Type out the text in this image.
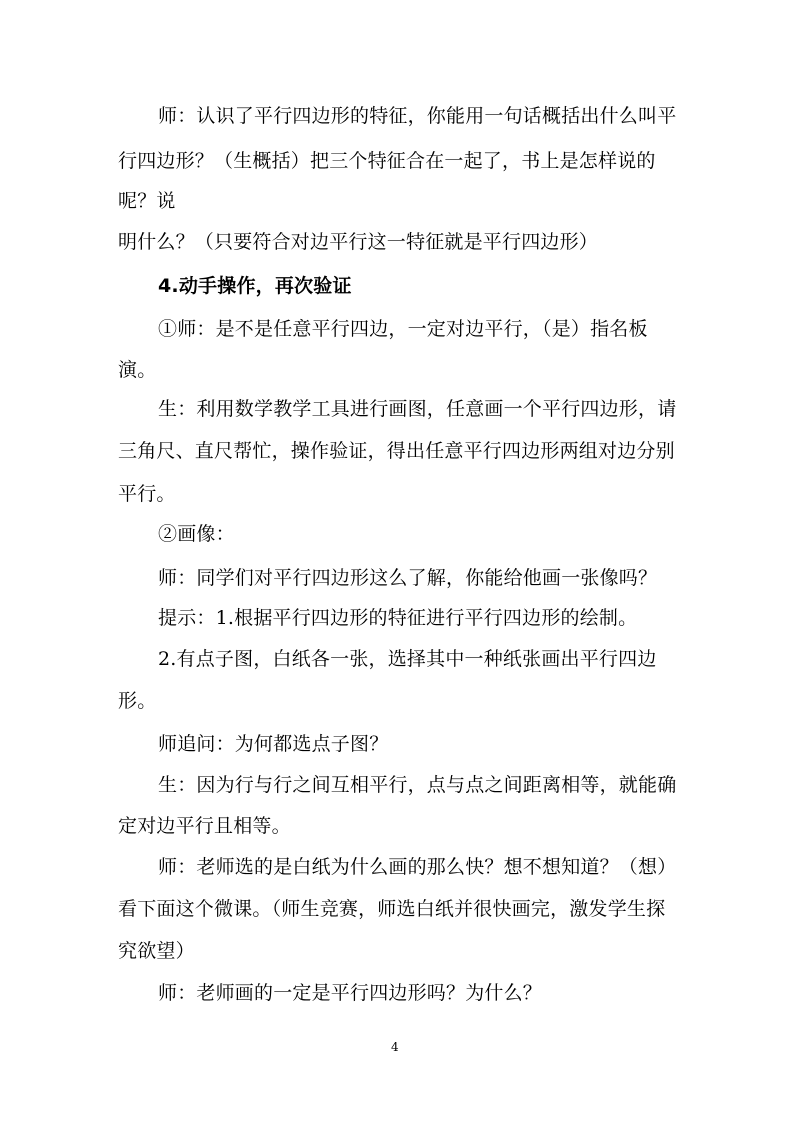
师：认识了平行四边形的特征，你能用一句话概括出什么叫平
行四边形？（生概括）把三个特征合在一起了，书上是怎样说的
呢？说
明什么？（只要符合对边平行这一特征就是平行四边形）
4.动手操作，再次验证
①师：是不是任意平行四边，一定对边平行，（是）指名板
演。
生：利用数学教学工具进行画图，任意画一个平行四边形，请
三角尺、直尺帮忙，操作验证，得出任意平行四边形两组对边分别
平行。
②画像：
师：同学们对平行四边形这么了解，你能给他画一张像吗？
提示：1.根据平行四边形的特征进行平行四边形的绘制。
2.有点子图，白纸各一张，选择其中一种纸张画出平行四边
形。
师追问：为何都选点子图？
生：因为行与行之间互相平行，点与点之间距离相等，就能确
定对边平行且相等。
师：老师选的是白纸为什么画的那么快？想不想知道？（想）
看下面这个微课。（师生竞赛，师选白纸并很快画完，激发学生探
究欲望）
师：老师画的一定是平行四边形吗？为什么？
4
